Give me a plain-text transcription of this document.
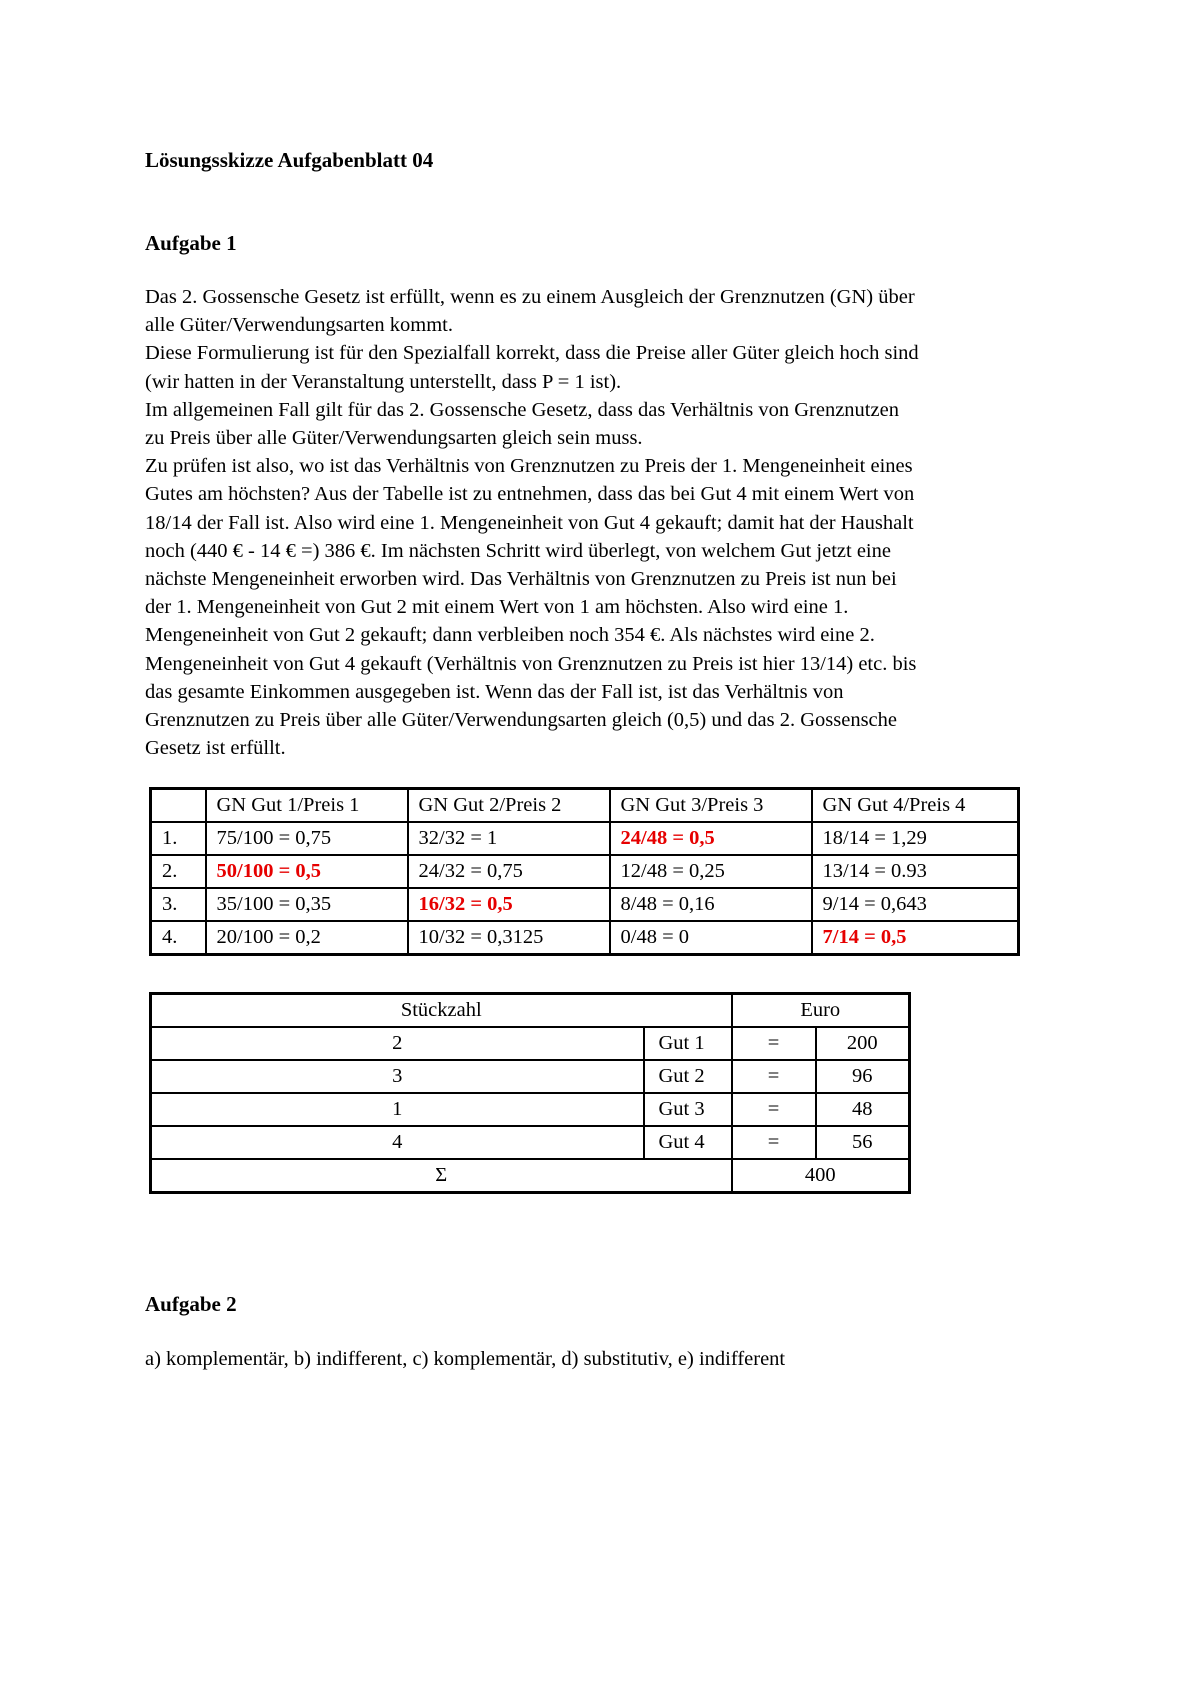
Lösungsskizze Aufgabenblatt 04
Aufgabe 1
Das 2. Gossensche Gesetz ist erfüllt, wenn es zu einem Ausgleich der Grenznutzen (GN) über
alle Güter/Verwendungsarten kommt.
Diese Formulierung ist für den Spezialfall korrekt, dass die Preise aller Güter gleich hoch sind
(wir hatten in der Veranstaltung unterstellt, dass P = 1 ist).
Im allgemeinen Fall gilt für das 2. Gossensche Gesetz, dass das Verhältnis von Grenznutzen
zu Preis über alle Güter/Verwendungsarten gleich sein muss.
Zu prüfen ist also, wo ist das Verhältnis von Grenznutzen zu Preis der 1. Mengeneinheit eines
Gutes am höchsten? Aus der Tabelle ist zu entnehmen, dass das bei Gut 4 mit einem Wert von
18/14 der Fall ist. Also wird eine 1. Mengeneinheit von Gut 4 gekauft; damit hat der Haushalt
noch (440 € - 14 € =) 386 €. Im nächsten Schritt wird überlegt, von welchem Gut jetzt eine
nächste Mengeneinheit erworben wird. Das Verhältnis von Grenznutzen zu Preis ist nun bei
der 1. Mengeneinheit von Gut 2 mit einem Wert von 1 am höchsten. Also wird eine 1.
Mengeneinheit von Gut 2 gekauft; dann verbleiben noch 354 €. Als nächstes wird eine 2.
Mengeneinheit von Gut 4 gekauft (Verhältnis von Grenznutzen zu Preis ist hier 13/14) etc. bis
das gesamte Einkommen ausgegeben ist. Wenn das der Fall ist, ist das Verhältnis von
Grenznutzen zu Preis über alle Güter/Verwendungsarten gleich (0,5) und das 2. Gossensche
Gesetz ist erfüllt.
	GN Gut 1/Preis 1	GN Gut 2/Preis 2	GN Gut 3/Preis 3	GN Gut 4/Preis 4
1.	75/100 = 0,75	32/32 = 1	24/48 = 0,5	18/14 = 1,29
2.	50/100 = 0,5	24/32 = 0,75	12/48 = 0,25	13/14 = 0.93
3.	35/100 = 0,35	16/32 = 0,5	8/48 = 0,16	9/14 = 0,643
4.	20/100 = 0,2	10/32 = 0,3125	0/48 = 0	7/14 = 0,5
Stückzahl		Euro	
2	Gut 1	=	200
3	Gut 2	=	96
1	Gut 3	=	48
4	Gut 4	=	56
Σ		400	
Aufgabe 2
a) komplementär, b) indifferent, c) komplementär, d) substitutiv, e) indifferent
